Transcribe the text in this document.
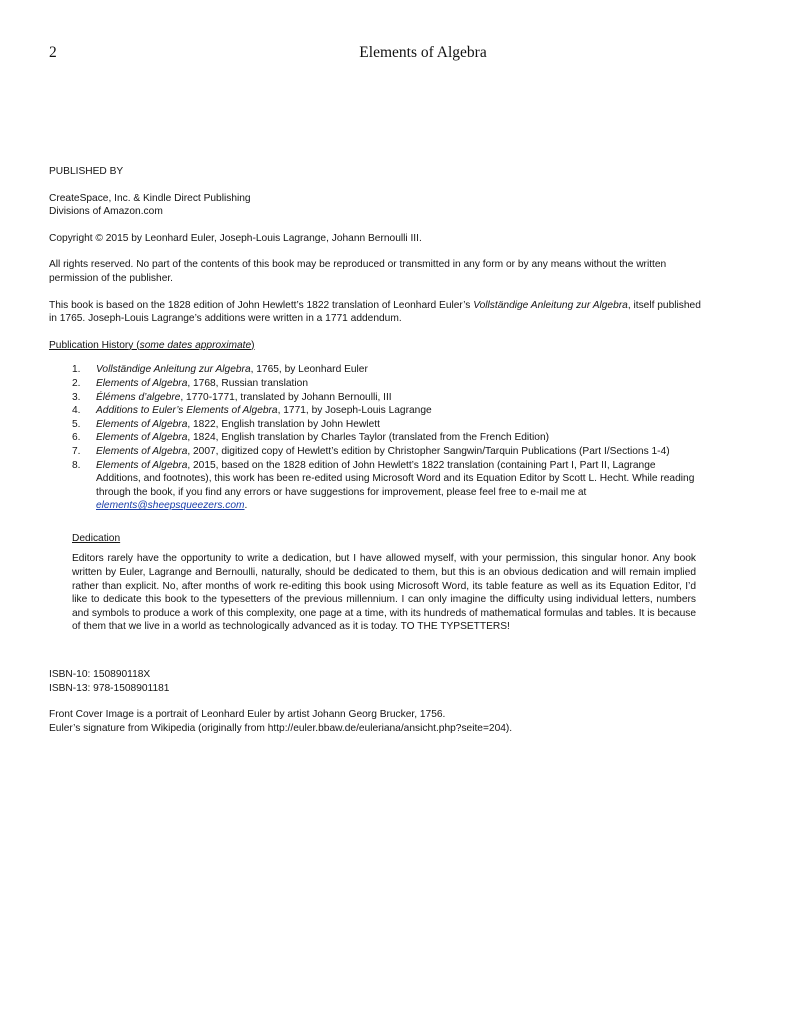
2	Elements of Algebra

PUBLISHED BY

CreateSpace, Inc. & Kindle Direct Publishing

Divisions of Amazon.com

Copyright © 2015 by Leonhard Euler, Joseph-Louis Lagrange, Johann Bernoulli III.

All rights reserved. No part of the contents of this book may be reproduced or transmitted in any form or by any means without the written permission of the publisher.

This book is based on the 1828 edition of John Hewlett’s 1822 translation of Leonhard Euler’s Vollständige Anleitung zur Algebra, itself published in 1765. Joseph-Louis Lagrange’s additions were written in a 1771 addendum.

Publication History (some dates approximate)

1. Vollständige Anleitung zur Algebra, 1765, by Leonhard Euler
2. Elements of Algebra, 1768, Russian translation
3. Élémens d’algebre, 1770-1771, translated by Johann Bernoulli, III
4. Additions to Euler’s Elements of Algebra, 1771, by Joseph-Louis Lagrange
5. Elements of Algebra, 1822, English translation by John Hewlett
6. Elements of Algebra, 1824, English translation by Charles Taylor (translated from the French Edition)
7. Elements of Algebra, 2007, digitized copy of Hewlett’s edition by Christopher Sangwin/Tarquin Publications (Part I/Sections 1-4)
8. Elements of Algebra, 2015, based on the 1828 edition of John Hewlett’s 1822 translation (containing Part I, Part II, Lagrange Additions, and footnotes), this work has been re-edited using Microsoft Word and its Equation Editor by Scott L. Hecht. While reading through the book, if you find any errors or have suggestions for improvement, please feel free to e-mail me at elements@sheepsqueezers.com.

Dedication

Editors rarely have the opportunity to write a dedication, but I have allowed myself, with your permission, this singular honor. Any book written by Euler, Lagrange and Bernoulli, naturally, should be dedicated to them, but this is an obvious dedication and will remain implied rather than explicit. No, after months of work re-editing this book using Microsoft Word, its table feature as well as its Equation Editor, I’d like to dedicate this book to the typesetters of the previous millennium. I can only imagine the difficulty using individual letters, numbers and symbols to produce a work of this complexity, one page at a time, with its hundreds of mathematical formulas and tables. It is because of them that we live in a world as technologically advanced as it is today. TO THE TYPSETTERS!

ISBN-10: 150890118X

ISBN-13: 978-1508901181

Front Cover Image is a portrait of Leonhard Euler by artist Johann Georg Brucker, 1756.

Euler’s signature from Wikipedia (originally from http://euler.bbaw.de/euleriana/ansicht.php?seite=204).
